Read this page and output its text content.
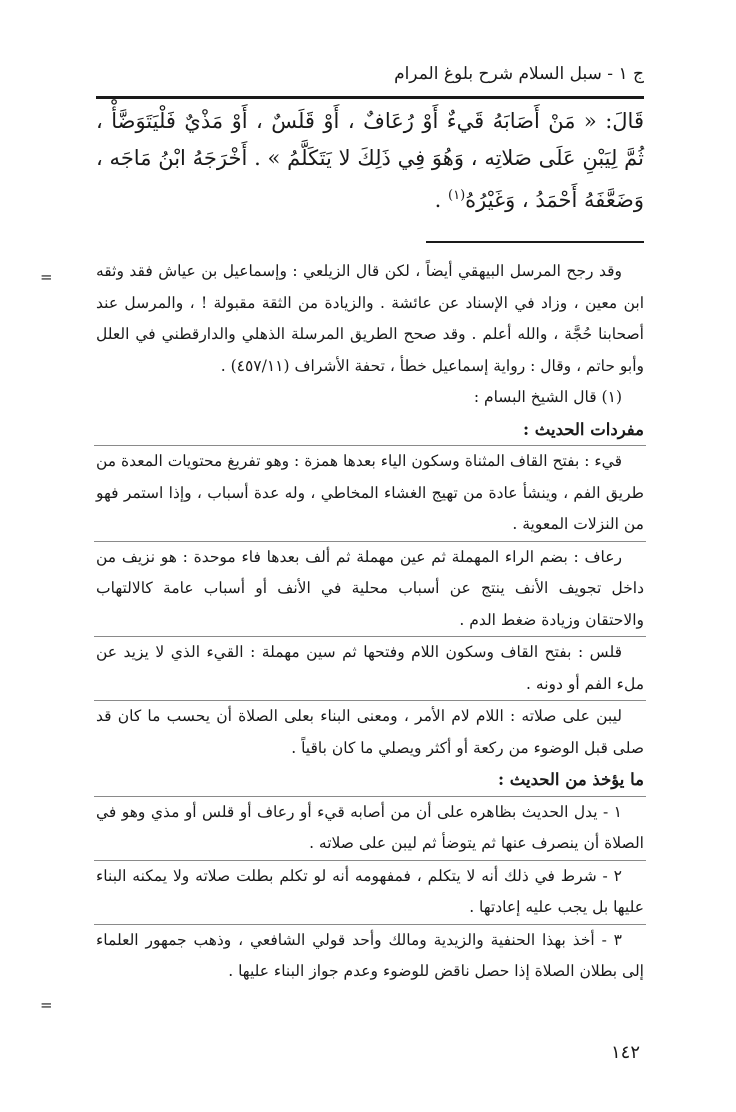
ج ١ - سبل السلام شرح بلوغ المرام

قَالَ: « مَنْ أَصَابَهُ قَيءٌ أَوْ رُعَافٌ ، أَوْ قَلَسٌ ، أَوْ مَذْيٌ فَلْيَتَوَضَّأْ ، ثُمَّ لِيَبْنِ عَلَى صَلاتِه ، وَهُوَ فِي ذَلِكَ لا يَتَكَلَّمُ » . أَخْرَجَهُ ابْنُ مَاجَه ، وَضَعَّفَهُ أَحْمَدُ ، وَغَيْرُهُ$^{(١)}$ .

=	وقد رجح المرسل البيهقي أيضاً ، لكن قال الزيلعي : وإسماعيل بن عياش فقد وثقه ابن معين ، وزاد في الإسناد عن عائشة . والزيادة من الثقة مقبولة ! ، والمرسل عند أصحابنا حُجَّة ، والله أعلم . وقد صحح الطريق المرسلة الذهلي والدارقطني في العلل وأبو حاتم ، وقال : رواية إسماعيل خطأ ، تحفة الأشراف (٤٥٧/١١) .

(١) قال الشيخ البسام :

مفردات الحديث :

قيء : بفتح القاف المثناة وسكون الياء بعدها همزة : وهو تفريغ محتويات المعدة من طريق الفم ، وينشأ عادة من تهيج الغشاء المخاطي ، وله عدة أسباب ، وإذا استمر فهو من النزلات المعوية .

رعاف : بضم الراء المهملة ثم عين مهملة ثم ألف بعدها فاء موحدة : هو نزيف من داخل تجويف الأنف ينتج عن أسباب محلية في الأنف أو أسباب عامة كالالتهاب والاحتقان وزيادة ضغط الدم .

قلس : بفتح القاف وسكون اللام وفتحها ثم سين مهملة : القيء الذي لا يزيد عن ملء الفم أو دونه .

ليبن على صلاته : اللام لام الأمر ، ومعنى البناء بعلى الصلاة أن يحسب ما كان قد صلى قبل الوضوء من ركعة أو أكثر ويصلي ما كان باقياً .

ما يؤخذ من الحديث :

١ - يدل الحديث بظاهره على أن من أصابه قيء أو رعاف أو قلس أو مذي وهو في الصلاة أن ينصرف عنها ثم يتوضأ ثم ليبن على صلاته .

٢ - شرط في ذلك أنه لا يتكلم ، فمفهومه أنه لو تكلم بطلت صلاته ولا يمكنه البناء عليها بل يجب عليه إعادتها .

٣ - أخذ بهذا الحنفية والزيدية ومالك وأحد قولي الشافعي ، وذهب جمهور العلماء إلى بطلان الصلاة إذا حصل ناقض للوضوء وعدم جواز البناء عليها .

=
١٤٢
